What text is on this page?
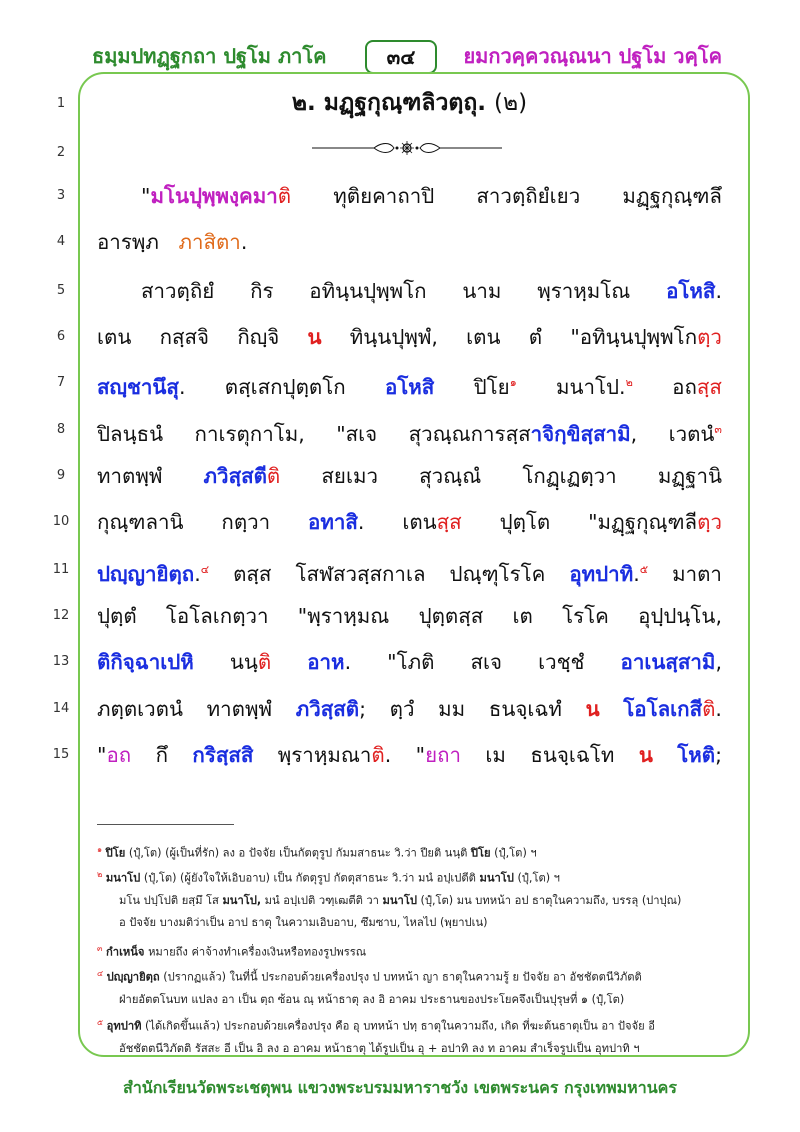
ธมฺมปทฏฺฐกถา ปฐโม ภาโค	๓๔	ยมกวคฺควณฺณนา ปฐโม วคฺโค
1
2
3
4
5
6
7
8
9
10
11
12
13
14
15
๒. มฏฺฐกุณฺฑลิวตฺถุ. (๒)
"มโนปุพฺพงฺคมาติ ทุติยคาถาปิ สาวตฺถิยํเยว มฏฺฐกุณฺฑลึ
อารพฺภ ภาสิตา.
สาวตฺถิยํ กิร อทินฺนปุพฺพโก นาม พฺราหฺมโณ อโหสิ.
เตน กสฺสจิ กิญฺจิ น ทินฺนปุพฺพํ, เตน ตํ "อทินฺนปุพฺพโกตฺว
สญฺชานึสุ. ตสฺเสกปุตฺตโก อโหสิ ปิโย$^๑$ มนาโป.$^๒$ อถสฺส
ปิลนฺธนํ กาเรตุกาโม, "สเจ สุวณฺณการสฺสาจิกฺขิสฺสามิ, เวตนํ$^๓$
ทาตพฺพํ ภวิสฺสตีติ สยเมว สุวณฺณํ โกฏฺเฏตฺวา มฏฺฐานิ
กุณฺฑลานิ กตฺวา อทาสิ. เตนสฺส ปุตฺโต "มฏฺฐกุณฺฑลีตฺว
ปญฺญายิตฺถ.$^๔$ ตสฺส โสฬสวสฺสกาเล ปณฺฑุโรโค อุทปาทิ.$^๕$ มาตา
ปุตฺตํ โอโลเกตฺวา "พฺราหฺมณ ปุตฺตสฺส เต โรโค อุปฺปนฺโน,
ติกิจฺฉาเปหิ นนฺติ อาห. "โภติ สเจ เวชฺชํ อาเนสฺสามิ,
ภตฺตเวตนํ ทาตพฺพํ ภวิสฺสติ; ตฺวํ มม ธนจฺเฉทํ น โอโลเกสีติ.
"อถ กึ กริสฺสสิ พฺราหฺมณาติ. "ยถา เม ธนจฺเฉโท น โหติ;
$^๑$ ปิโย (ปุํ,โต) (ผู้เป็นที่รัก) ลง อ ปัจจัย เป็นกัตตุรูป กัมมสาธนะ วิ.ว่า ปียติ นนฺติ ปิโย (ปุํ,โต) ฯ
$^๒$ มนาโป (ปุํ,โต) (ผู้ยังใจให้เอิบอาบ) เป็น กัตตุรูป กัตตุสาธนะ วิ.ว่า มนํ อปฺเปตีติ มนาโป (ปุํ,โต) ฯ
มโน ปปฺโปติ ยสฺมึ โส มนาโป, มนํ อปฺเปติ วฑฺเฒตีติ วา มนาโป (ปุํ,โต) มน บทหน้า อป ธาตุในความถึง, บรรลุ (ปาปุณ)
อ ปัจจัย บางมติว่าเป็น อาป ธาตุ ในความเอิบอาบ, ซึมซาบ, ไหลไป (พฺยาปเน)
$^๓$ กำเหน็จ หมายถึง ค่าจ้างทำเครื่องเงินหรือทองรูปพรรณ
$^๔$ ปญฺญายิตฺถ (ปรากฏแล้ว) ในที่นี้ ประกอบด้วยเครื่องปรุง ป บทหน้า ญา ธาตุในความรู้ ย ปัจจัย อา อัชชัตตนีวิภัตติ
ฝ่ายอัตตโนบท แปลง อา เป็น ตฺถ ซ้อน ณฺ หน้าธาตุ ลง อิ อาคม ประธานของประโยคจึงเป็นปุรุษที่ ๑ (ปุํ,โต)
$^๕$ อุทปาทิ (ได้เกิดขึ้นแล้ว) ประกอบด้วยเครื่องปรุง คือ อุ บทหน้า ปทฺ ธาตุในความถึง, เกิด ที่ฆะต้นธาตุเป็น อา ปัจจัย อี
อัชชัตตนีวิภัตติ รัสสะ อี เป็น อิ ลง อ อาคม หน้าธาตุ ได้รูปเป็น อุ + อปาทิ ลง ท อาคม สำเร็จรูปเป็น อุทปาทิ ฯ
สำนักเรียนวัดพระเชตุพน แขวงพระบรมมหาราชวัง เขตพระนคร กรุงเทพมหานคร
